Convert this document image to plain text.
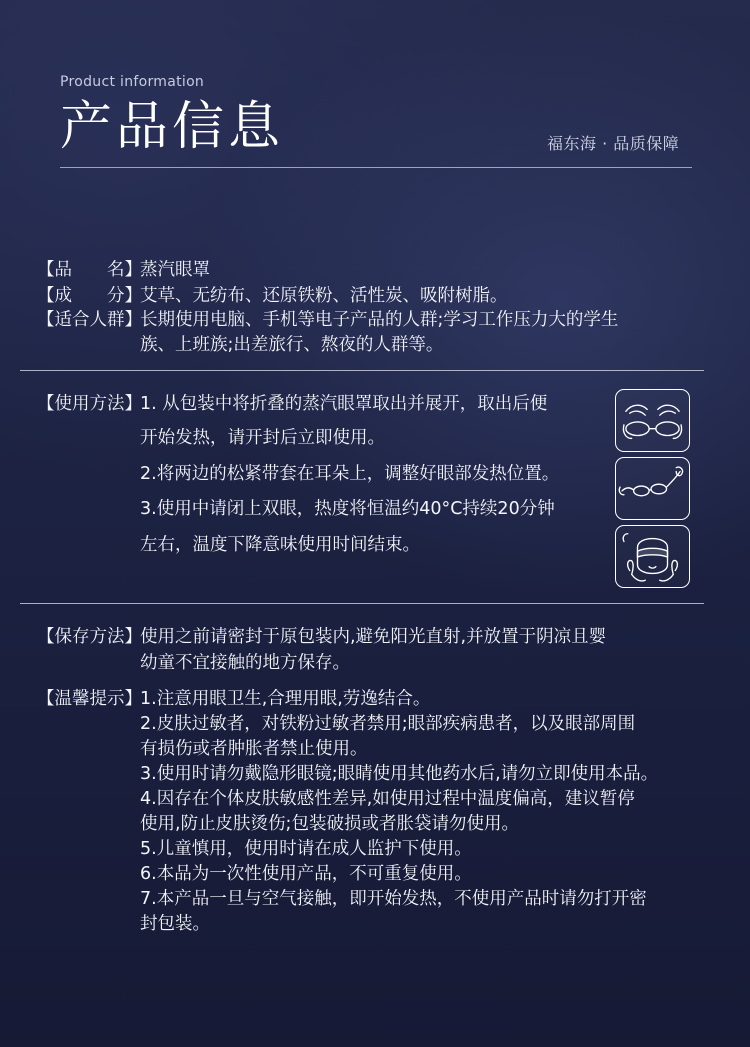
Product information
产品信息	福东海 · 品质保障
【品　　名】
蒸汽眼罩
【成　　分】
艾草、无纺布、还原铁粉、活性炭、吸附树脂。
【适合人群】
长期使用电脑、手机等电子产品的人群;学习工作压力大的学生
族、上班族;出差旅行、熬夜的人群等。
【使用方法】
1. 从包装中将折叠的蒸汽眼罩取出并展开，取出后便
开始发热，请开封后立即使用。
2.将两边的松紧带套在耳朵上，调整好眼部发热位置。
3.使用中请闭上双眼，热度将恒温约40°C持续20分钟
左右，温度下降意味使用时间结束。
【保存方法】
使用之前请密封于原包装内,避免阳光直射,并放置于阴凉且婴
幼童不宜接触的地方保存。
【温馨提示】
1.注意用眼卫生,合理用眼,劳逸结合。
2.皮肤过敏者，对铁粉过敏者禁用;眼部疾病患者，以及眼部周围
有损伤或者肿胀者禁止使用。
3.使用时请勿戴隐形眼镜;眼睛使用其他药水后,请勿立即使用本品。
4.因存在个体皮肤敏感性差异,如使用过程中温度偏高，建议暂停
使用,防止皮肤烫伤;包装破损或者胀袋请勿使用。
5.儿童慎用，使用时请在成人监护下使用。
6.本品为一次性使用产品，不可重复使用。
7.本产品一旦与空气接触，即开始发热，不使用产品时请勿打开密
封包装。
